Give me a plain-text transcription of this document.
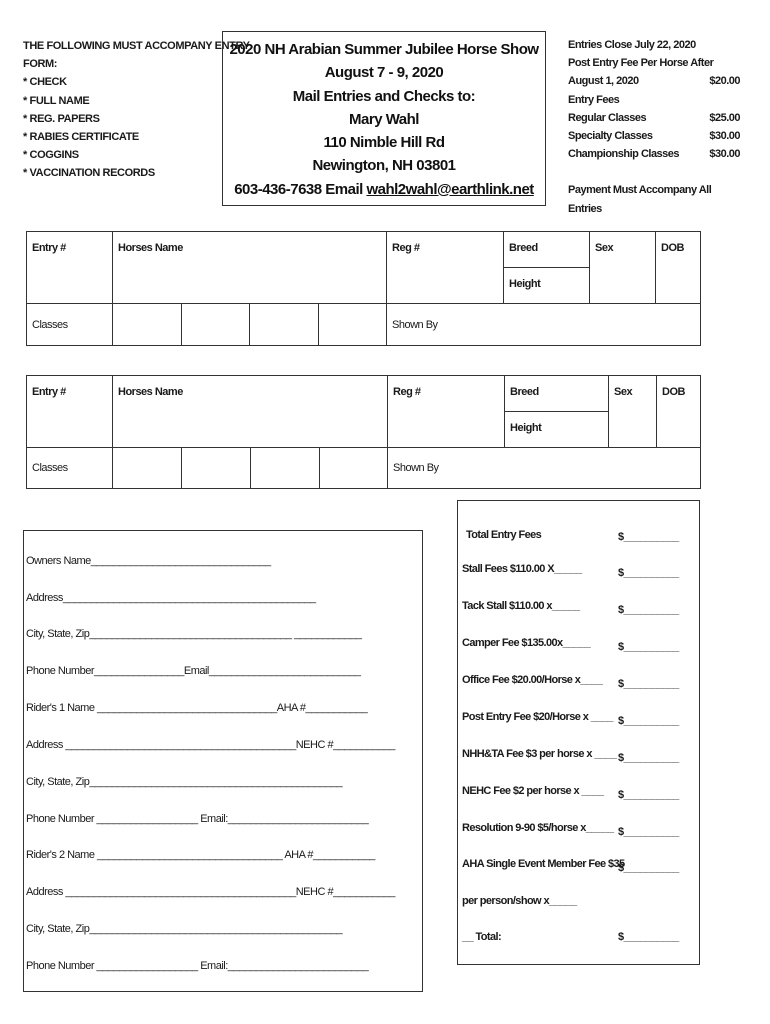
THE FOLLOWING MUST ACCOMPANY ENTRY
FORM:
* CHECK
* FULL NAME
* REG. PAPERS
* RABIES CERTIFICATE
* COGGINS
* VACCINATION RECORDS
2020 NH Arabian Summer Jubilee Horse Show
August 7 - 9, 2020
Mail Entries and Checks to:
Mary Wahl
110 Nimble Hill Rd
Newington, NH 03801
603-436-7638 Email wahl2wahl@earthlink.net
Entries Close July 22, 2020
Post Entry Fee Per Horse After
August 1, 2020	$20.00
Entry Fees
Regular Classes	$25.00
Specialty Classes	$30.00
Championship Classes	$30.00
Payment Must Accompany All Entries
Entry #	Horses Name				Reg #	Breed	Sex	DOB
						Height		
Classes					Shown By			
Entry #	Horses Name				Reg #	Breed	Sex	DOB
						Height		
Classes					Shown By			
Owners Name________________________________
Address_____________________________________________
City, State, Zip____________________________________ ____________
Phone Number________________Email___________________________
Rider's 1 Name ________________________________AHA #___________
Address _________________________________________NEHC #___________
City, State, Zip_____________________________________________
Phone Number __________________ Email:_________________________
Rider's 2 Name _________________________________ AHA #___________
Address _________________________________________NEHC #___________
City, State, Zip_____________________________________________
Phone Number __________________ Email:_________________________
Total Entry Fees	$__________
Stall Fees $110.00 X_____	$__________
Tack Stall $110.00 x_____	$__________
Camper Fee $135.00x_____	$__________
Office Fee $20.00/Horse x____ $__________
Post Entry Fee $20/Horse x ____ $__________
NHH&TA Fee $3 per horse x ____ $__________
NEHC Fee $2 per horse x ____ $__________
Resolution 9-90 $5/horse x_____ $__________
AHA Single Event Member Fee $35
$__________
per person/show x_____
__ Total:	$__________
